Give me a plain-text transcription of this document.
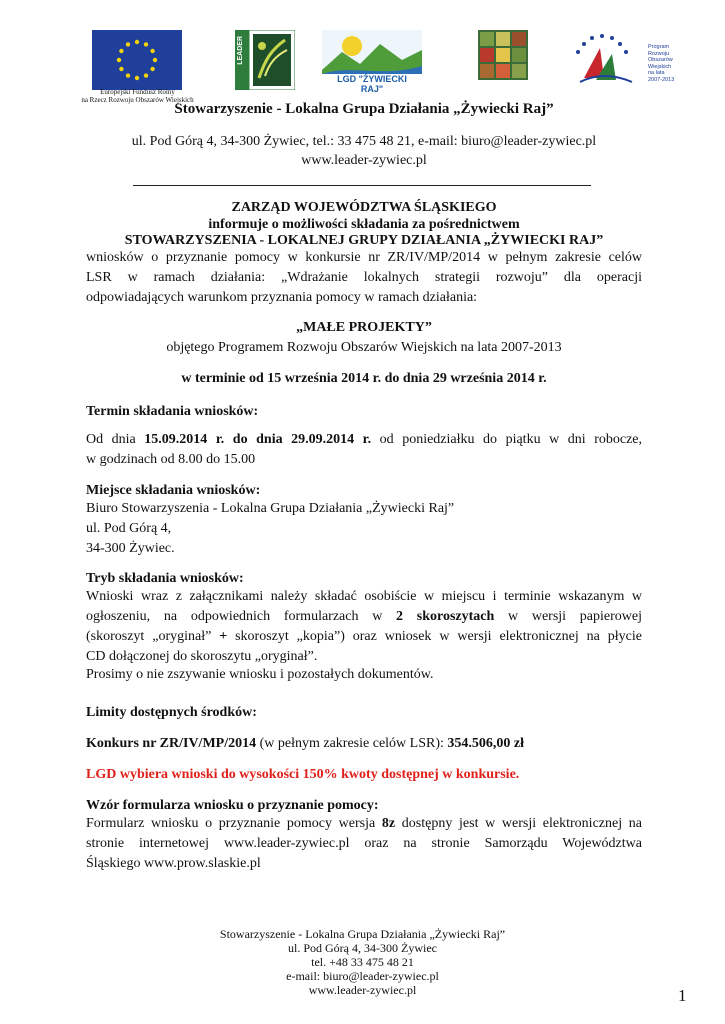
Europejski Fundusz Rolny
na Rzecz Rozwoju Obszarów Wiejskich
LEADER
LGD "ŻYWIECKI RAJ"
Program
Rozwoju
Obszarów
Wiejskich
na lata 2007-2013
Stowarzyszenie - Lokalna Grupa Działania „Żywiecki Raj”
ul. Pod Górą 4, 34-300 Żywiec, tel.: 33 475 48 21, e-mail: biuro@leader-zywiec.pl
www.leader-zywiec.pl
ZARZĄD WOJEWÓDZTWA ŚLĄSKIEGO
informuje o możliwości składania za pośrednictwem
STOWARZYSZENIA - LOKALNEJ GRUPY DZIAŁANIA „ŻYWIECKI RAJ”
wniosków o przyznanie pomocy w konkursie nr ZR/IV/MP/2014 w pełnym zakresie celów
LSR w ramach działania: „Wdrażanie lokalnych strategii rozwoju” dla operacji
odpowiadających warunkom przyznania pomocy w ramach działania:
„MAŁE PROJEKTY”
objętego Programem Rozwoju Obszarów Wiejskich na lata 2007-2013
w terminie od 15 września 2014 r. do dnia 29 września 2014 r.
Termin składania wniosków:
Od dnia 15.09.2014 r. do dnia 29.09.2014 r. od poniedziałku do piątku w dni robocze,
w godzinach od 8.00 do 15.00
Miejsce składania wniosków:
Biuro Stowarzyszenia - Lokalna Grupa Działania „Żywiecki Raj”
ul. Pod Górą 4,
34-300 Żywiec.
Tryb składania wniosków:
Wnioski wraz z załącznikami należy składać osobiście w miejscu i terminie wskazanym w
ogłoszeniu, na odpowiednich formularzach w 2 skoroszytach w wersji papierowej
(skoroszyt „oryginał” + skoroszyt „kopia”) oraz wniosek w wersji elektronicznej na płycie
CD dołączonej do skoroszytu „oryginał”.
Prosimy o nie zszywanie wniosku i pozostałych dokumentów.
Limity dostępnych środków:
Konkurs nr ZR/IV/MP/2014 (w pełnym zakresie celów LSR): 354.506,00 zł
LGD wybiera wnioski do wysokości 150% kwoty dostępnej w konkursie.
Wzór formularza wniosku o przyznanie pomocy:
Formularz wniosku o przyznanie pomocy wersja 8z dostępny jest w wersji elektronicznej na
stronie internetowej www.leader-zywiec.pl oraz na stronie Samorządu Województwa
Śląskiego www.prow.slaskie.pl
Stowarzyszenie - Lokalna Grupa Działania „Żywiecki Raj”
ul. Pod Górą 4, 34-300 Żywiec
tel. +48 33 475 48 21
e-mail: biuro@leader-zywiec.pl
www.leader-zywiec.pl	1
